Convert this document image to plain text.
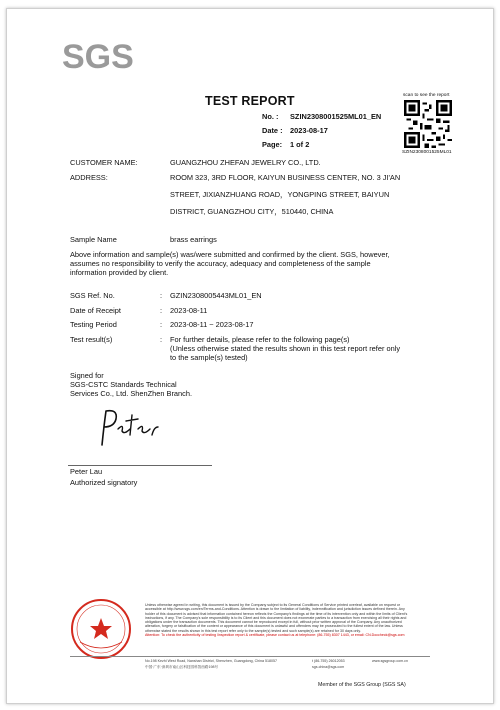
SGS
TEST REPORT
No. : SZIN2308001525ML01_EN
Date : 2023-08-17
Page: 1 of 2
scan to see the report
SZIN2308001525ML01
CUSTOMER NAME:	GUANGZHOU ZHEFAN JEWELRY CO., LTD.
ADDRESS:	ROOM 323, 3RD FLOOR, KAIYUN BUSINESS CENTER, NO. 3 JI'AN
STREET, JIXIANZHUANG ROAD，YONGPING STREET, BAIYUN
DISTRICT, GUANGZHOU CITY，510440, CHINA
Sample Name	brass earrings
Above information and sample(s) was/were submitted and confirmed by the client. SGS, however,
assumes no responsibility to verify the accuracy, adequacy and completeness of the sample
information provided by client.
SGS Ref. No.	: GZIN2308005443ML01_EN
Date of Receipt	: 2023-08-11
Testing Period	: 2023-08-11 ~ 2023-08-17
Test result(s)	: For further details, please refer to the following page(s)
(Unless otherwise stated the results shown in this test report refer only
to the sample(s) tested)
Signed for
SGS-CSTC Standards Technical
Services Co., Ltd. ShenZhen Branch.
Peter Lau
Authorized signatory
Unless otherwise agreed in writing, this document is issued by the Company subject to its General Conditions of Service printed overleaf, available on request or accessible at http://www.sgs.com/en/Terms-and-Conditions. Attention is drawn to the limitation of liability, indemnification and jurisdiction issues defined therein. Any holder of this document is advised that information contained hereon reflects the Company's findings at the time of its intervention only and within the limits of Client's instructions, if any. The Company's sole responsibility is to its Client and this document does not exonerate parties to a transaction from exercising all their rights and obligations under the transaction documents. This document cannot be reproduced except in full, without prior written approval of the Company. Any unauthorized alteration, forgery or falsification of the content or appearance of this document is unlawful and offenders may be prosecuted to the fullest extent of the law. Unless otherwise stated the results shown in this test report refer only to the sample(s) tested and such sample(s) are retained for 30 days only.
Attention: To check the authenticity of testing /inspection report & certificate, please contact us at telephone: (86-755) 8307 1443, or email: CN.Doccheck@sgs.com
No.198 Kezhi West Road, Nanshan District, Shenzhen, Guangdong, China 518057
中国·广东·深圳市南山区科技园科智西路198号
t (86-755) 26012053
sgs.china@sgs.com
www.sgsgroup.com.cn
Member of the SGS Group (SGS SA)
